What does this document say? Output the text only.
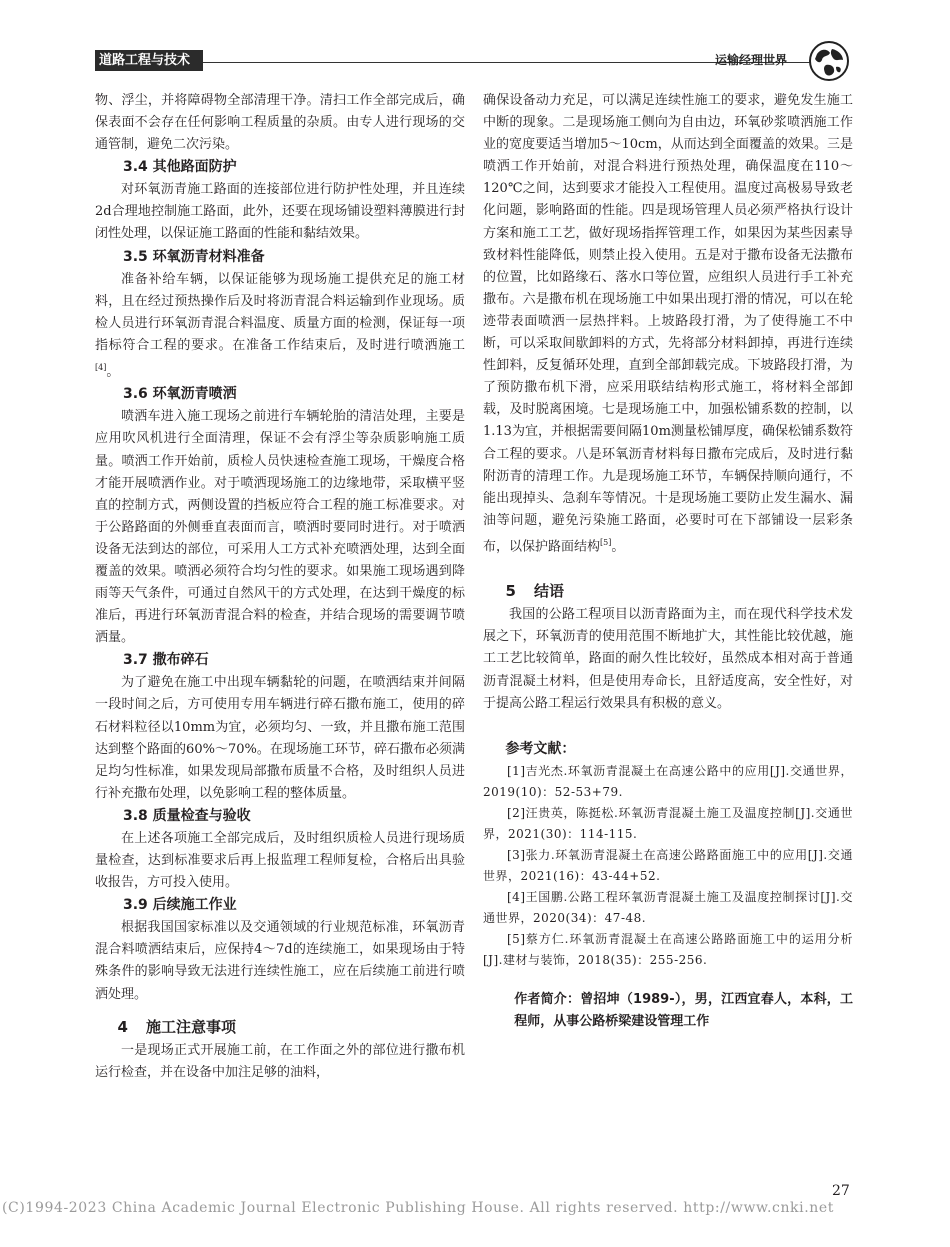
道路工程与技术	运输经理世界

物、浮尘，并将障碍物全部清理干净。清扫工作全部完成后，确保表面不会存在任何影响工程质量的杂质。由专人进行现场的交通管制，避免二次污染。

3.4 其他路面防护

对环氧沥青施工路面的连接部位进行防护性处理，并且连续2d合理地控制施工路面，此外，还要在现场铺设塑料薄膜进行封闭性处理，以保证施工路面的性能和黏结效果。

3.5 环氧沥青材料准备

准备补给车辆，以保证能够为现场施工提供充足的施工材料，且在经过预热操作后及时将沥青混合料运输到作业现场。质检人员进行环氧沥青混合料温度、质量方面的检测，保证每一项指标符合工程的要求。在准备工作结束后，及时进行喷洒施工[4]。

3.6 环氧沥青喷洒

喷洒车进入施工现场之前进行车辆轮胎的清洁处理，主要是应用吹风机进行全面清理，保证不会有浮尘等杂质影响施工质量。喷洒工作开始前，质检人员快速检查施工现场，干燥度合格才能开展喷洒作业。对于喷洒现场施工的边缘地带，采取横平竖直的控制方式，两侧设置的挡板应符合工程的施工标准要求。对于公路路面的外侧垂直表面而言，喷洒时要同时进行。对于喷洒设备无法到达的部位，可采用人工方式补充喷洒处理，达到全面覆盖的效果。喷洒必须符合均匀性的要求。如果施工现场遇到降雨等天气条件，可通过自然风干的方式处理，在达到干燥度的标准后，再进行环氧沥青混合料的检查，并结合现场的需要调节喷洒量。

3.7 撒布碎石

为了避免在施工中出现车辆黏轮的问题，在喷洒结束并间隔一段时间之后，方可使用专用车辆进行碎石撒布施工，使用的碎石材料粒径以10mm为宜，必须均匀、一致，并且撒布施工范围达到整个路面的60%～70%。在现场施工环节，碎石撒布必须满足均匀性标准，如果发现局部撒布质量不合格，及时组织人员进行补充撒布处理，以免影响工程的整体质量。

3.8 质量检查与验收

在上述各项施工全部完成后，及时组织质检人员进行现场质量检查，达到标准要求后再上报监理工程师复检，合格后出具验收报告，方可投入使用。

3.9 后续施工作业

根据我国国家标准以及交通领域的行业规范标准，环氧沥青混合料喷洒结束后，应保持4～7d的连续施工，如果现场由于特殊条件的影响导致无法进行连续性施工，应在后续施工前进行喷洒处理。

4 施工注意事项

一是现场正式开展施工前，在工作面之外的部位进行撒布机运行检查，并在设备中加注足够的油料，

确保设备动力充足，可以满足连续性施工的要求，避免发生施工中断的现象。二是现场施工侧向为自由边，环氧砂浆喷洒施工作业的宽度要适当增加5～10cm，从而达到全面覆盖的效果。三是喷洒工作开始前，对混合料进行预热处理，确保温度在110～120℃之间，达到要求才能投入工程使用。温度过高极易导致老化问题，影响路面的性能。四是现场管理人员必须严格执行设计方案和施工工艺，做好现场指挥管理工作，如果因为某些因素导致材料性能降低，则禁止投入使用。五是对于撒布设备无法撒布的位置，比如路缘石、落水口等位置，应组织人员进行手工补充撒布。六是撒布机在现场施工中如果出现打滑的情况，可以在轮迹带表面喷洒一层热拌料。上坡路段打滑，为了使得施工不中断，可以采取间歇卸料的方式，先将部分材料卸掉，再进行连续性卸料，反复循环处理，直到全部卸载完成。下坡路段打滑，为了预防撒布机下滑，应采用联结结构形式施工，将材料全部卸载，及时脱离困境。七是现场施工中，加强松铺系数的控制，以1.13为宜，并根据需要间隔10m测量松铺厚度，确保松铺系数符合工程的要求。八是环氧沥青材料每日撒布完成后，及时进行黏附沥青的清理工作。九是现场施工环节，车辆保持顺向通行，不能出现掉头、急刹车等情况。十是现场施工要防止发生漏水、漏油等问题，避免污染施工路面，必要时可在下部铺设一层彩条布，以保护路面结构[5]。

5 结语

我国的公路工程项目以沥青路面为主，而在现代科学技术发展之下，环氧沥青的使用范围不断地扩大，其性能比较优越，施工工艺比较简单，路面的耐久性比较好，虽然成本相对高于普通沥青混凝土材料，但是使用寿命长，且舒适度高，安全性好，对于提高公路工程运行效果具有积极的意义。

参考文献：

[1]吉光杰.环氧沥青混凝土在高速公路中的应用[J].交通世界，2019(10)：52-53+79.

[2]汪贵英，陈挺松.环氧沥青混凝土施工及温度控制[J].交通世界，2021(30)：114-115.

[3]张力.环氧沥青混凝土在高速公路路面施工中的应用[J].交通世界，2021(16)：43-44+52.

[4]王国鹏.公路工程环氧沥青混凝土施工及温度控制探讨[J].交通世界，2020(34)：47-48.

[5]蔡方仁.环氧沥青混凝土在高速公路路面施工中的运用分析[J].建材与装饰，2018(35)：255-256.

作者简介：曾招坤（1989-），男，江西宜春人，本科，工程师，从事公路桥梁建设管理工作
27
(C)1994-2023 China Academic Journal Electronic Publishing House. All rights reserved. http://www.cnki.net
